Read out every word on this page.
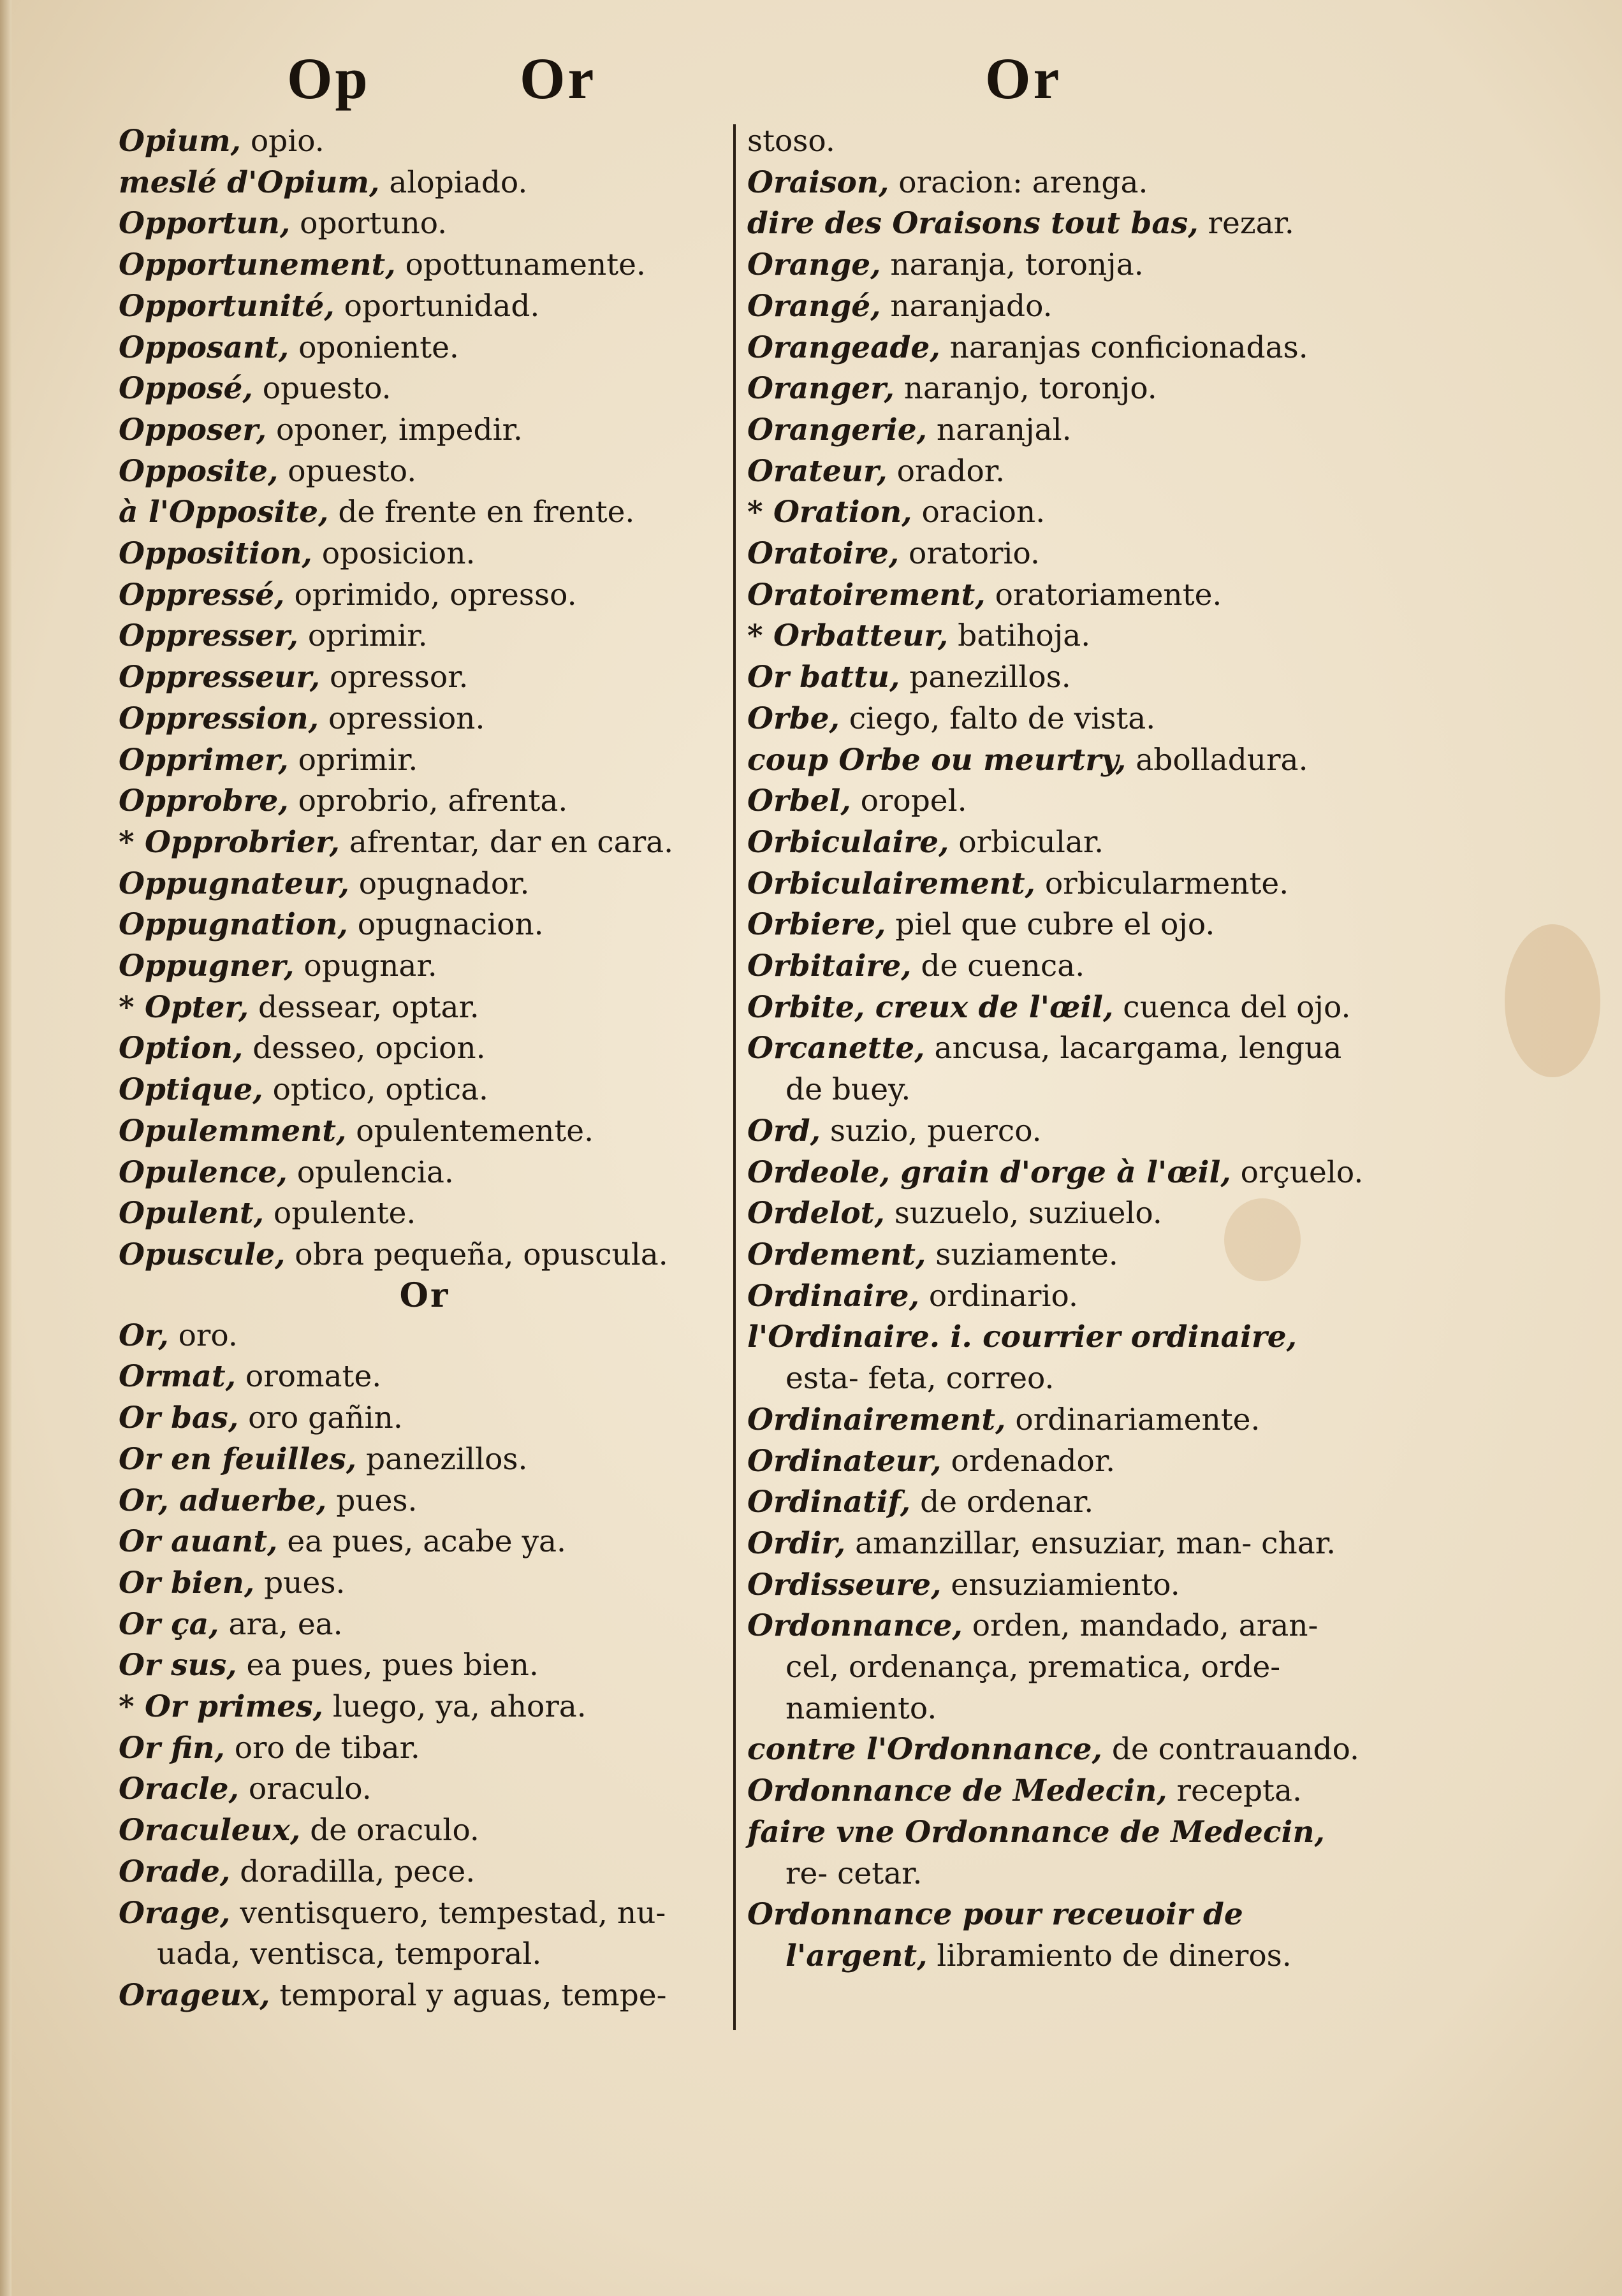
Op	Or	Or
Opium, opio.
meslé d'Opium, alopiado.
Opportun, oportuno.
Opportunement, opottunamente.
Opportunité, oportunidad.
Opposant, oponiente.
Opposé, opuesto.
Opposer, oponer, impedir.
Opposite, opuesto.
à l'Opposite, de frente en frente.
Opposition, oposicion.
Oppressé, oprimido, opresso.
Oppresser, oprimir.
Oppresseur, opressor.
Oppression, opression.
Opprimer, oprimir.
Opprobre, oprobrio, afrenta.
* Opprobrier, afrentar, dar en cara.
Oppugnateur, opugnador.
Oppugnation, opugnacion.
Oppugner, opugnar.
* Opter, dessear, optar.
Option, desseo, opcion.
Optique, optico, optica.
Opulemment, opulentemente.
Opulence, opulencia.
Opulent, opulente.
Opuscule, obra pequeña, opuscula.
Or
Or, oro.
Ormat, oromate.
Or bas, oro gañin.
Or en feuilles, panezillos.
Or, aduerbe, pues.
Or auant, ea pues, acabe ya.
Or bien, pues.
Or ça, ara, ea.
Or sus, ea pues, pues bien.
* Or primes, luego, ya, ahora.
Or fin, oro de tibar.
Oracle, oraculo.
Oraculeux, de oraculo.
Orade, doradilla, pece.
Orage, ventisquero, tempestad, nu- uada, ventisca, temporal.
Orageux, temporal y aguas, tempe-
stoso.
Oraison, oracion: arenga.
dire des Oraisons tout bas, rezar.
Orange, naranja, toronja.
Orangé, naranjado.
Orangeade, naranjas conficionadas.
Oranger, naranjo, toronjo.
Orangerie, naranjal.
Orateur, orador.
* Oration, oracion.
Oratoire, oratorio.
Oratoirement, oratoriamente.
* Orbatteur, batihoja.
Or battu, panezillos.
Orbe, ciego, falto de vista.
coup Orbe ou meurtry, abolladura.
Orbel, oropel.
Orbiculaire, orbicular.
Orbiculairement, orbicularmente.
Orbiere, piel que cubre el ojo.
Orbitaire, de cuenca.
Orbite, creux de l'œil, cuenca del ojo.
Orcanette, ancusa, lacargama, lengua de buey.
Ord, suzio, puerco.
Ordeole, grain d'orge à l'œil, orçuelo.
Ordelot, suzuelo, suziuelo.
Ordement, suziamente.
Ordinaire, ordinario.
l'Ordinaire. i. courrier ordinaire, esta- feta, correo.
Ordinairement, ordinariamente.
Ordinateur, ordenador.
Ordinatif, de ordenar.
Ordir, amanzillar, ensuziar, man- char.
Ordisseure, ensuziamiento.
Ordonnance, orden, mandado, aran- cel, ordenança, prematica, orde- namiento.
contre l'Ordonnance, de contrauando.
Ordonnance de Medecin, recepta.
faire vne Ordonnance de Medecin, re- cetar.
Ordonnance pour receuoir de l'argent, libramiento de dineros.
